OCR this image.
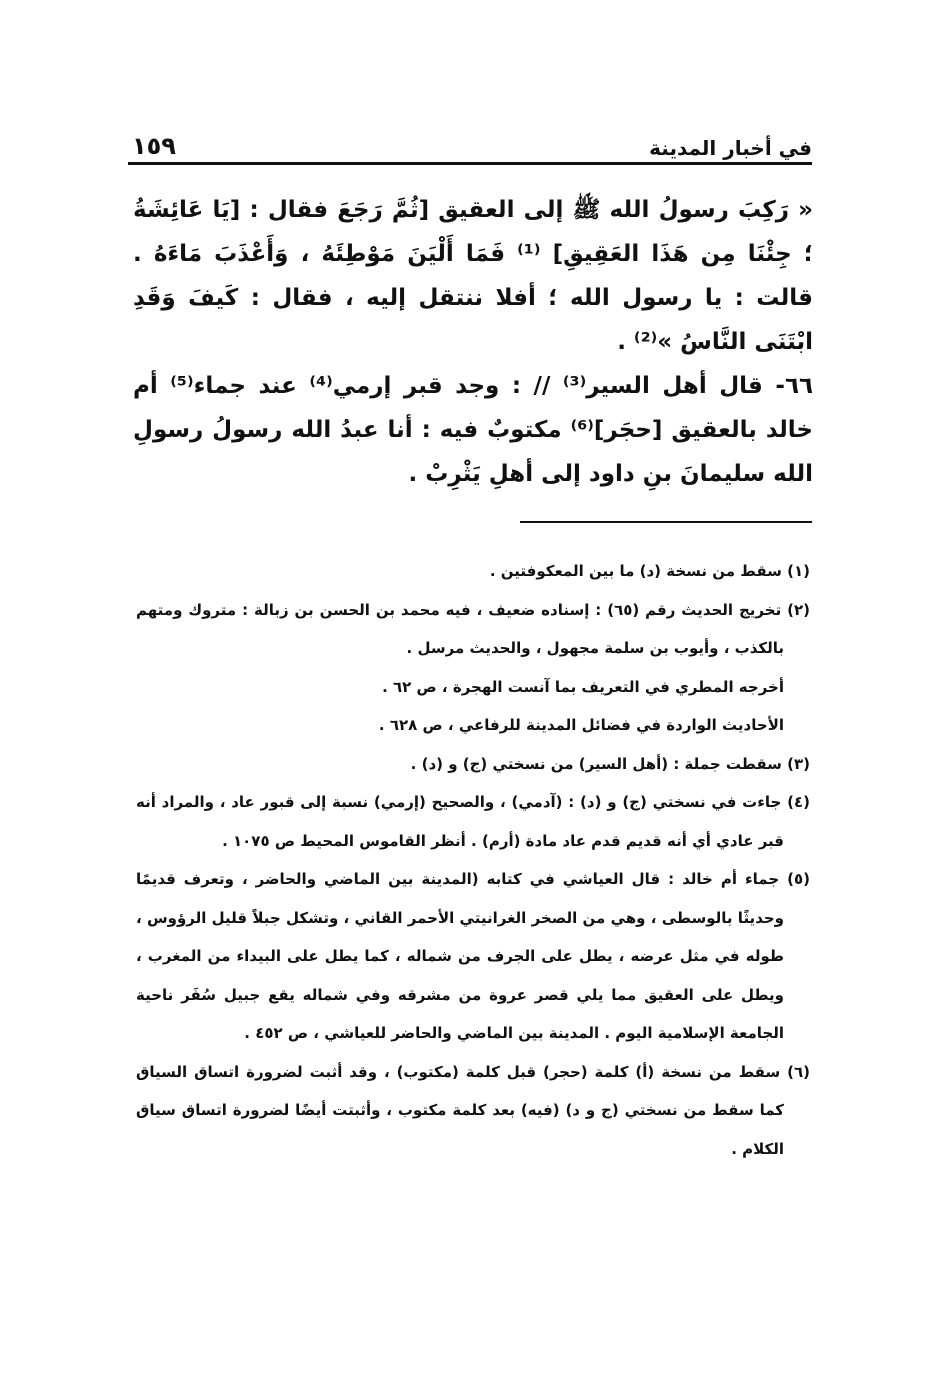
في أخبار المدينة
١٥٩

« رَكِبَ رسولُ الله ﷺ إلى العقيق [ثُمَّ رَجَعَ فقال : [يَا عَائِشَةُ ؛ جِئْنَا مِن هَذَا العَقِيقِ] ⁽¹⁾ فَمَا أَلْيَنَ مَوْطِئَهُ ، وَأَعْذَبَ مَاءَهُ . قالت : يا رسول الله ؛ أفلا ننتقل إليه ، فقال : كَيفَ وَقَدِ ابْتَنَى النَّاسُ »⁽²⁾ .

٦٦- قال أهل السير⁽³⁾ // : وجد قبر إرمي⁽⁴⁾ عند جماء⁽⁵⁾ أم خالد بالعقيق [حجَر]⁽⁶⁾ مكتوبٌ فيه : أنا عبدُ الله رسولُ رسولِ الله سليمانَ بنِ داود إلى أهلِ يَثْرِبْ .

(١) سقط من نسخة (د) ما بين المعكوفتين .

(٢) تخريج الحديث رقم (٦٥) : إسناده ضعيف ، فيه محمد بن الحسن بن زبالة : متروك ومتهم بالكذب ، وأيوب بن سلمة مجهول ، والحديث مرسل .

أخرجه المطري في التعريف بما آنست الهجرة ، ص ٦٢ .

الأحاديث الواردة في فضائل المدينة للرفاعي ، ص ٦٢٨ .

(٣) سقطت جملة : (أهل السير) من نسختي (ج) و (د) .

(٤) جاءت في نسختي (ج) و (د) : (آدمي) ، والصحيح (إرمي) نسبة إلى قبور عاد ، والمراد أنه قبر عادي أي أنه قديم قدم عاد مادة (أرم) . أنظر القاموس المحيط ص ١٠٧٥ .

(٥) جماء أم خالد : قال العياشي في كتابه (المدينة بين الماضي والحاضر ، وتعرف قديمًا وحديثًا بالوسطى ، وهي من الصخر الغرانيتي الأحمر القاني ، وتشكل جبلاً قليل الرؤوس ، طوله في مثل عرضه ، يطل على الجرف من شماله ، كما يطل على البيداء من المغرب ، ويطل على العقيق مما يلي قصر عروة من مشرقه وفي شماله يقع جبيل سُفَر ناحية الجامعة الإسلامية اليوم . المدينة بين الماضي والحاضر للعياشي ، ص ٤٥٢ .

(٦) سقط من نسخة (أ) كلمة (حجر) قبل كلمة (مكتوب) ، وقد أثبت لضرورة اتساق السياق كما سقط من نسختي (ج و د) (فيه) بعد كلمة مكتوب ، وأثبتت أيضًا لضرورة اتساق سياق الكلام .
